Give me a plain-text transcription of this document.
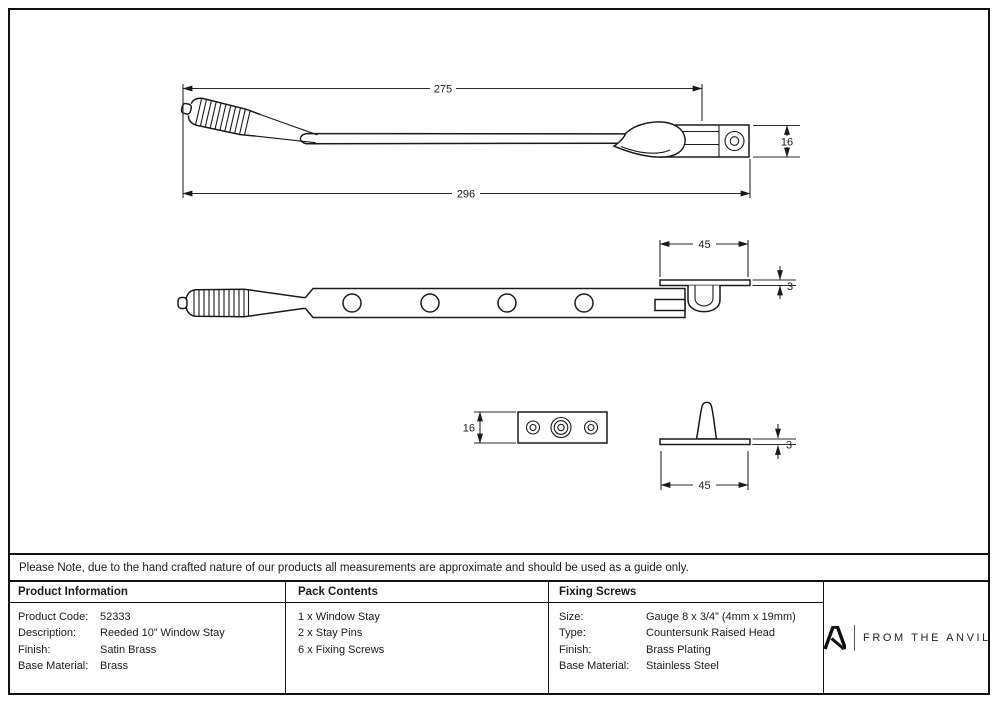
275
296
16
45
3
16
3
45
Please Note, due to the hand crafted nature of our products all measurements are approximate and should be used as a guide only.
Product Information
Product Code:	52333
Description:	Reeded 10” Window Stay
Finish:	Satin Brass
Base Material:	Brass
Pack Contents
1 x Window Stay
2 x Stay Pins
6 x Fixing Screws
Fixing Screws
Size:	Gauge 8 x 3/4” (4mm x 19mm)
Type:	Countersunk Raised Head
Finish:	Brass Plating
Base Material:	Stainless Steel
FROM THE ANVIL
